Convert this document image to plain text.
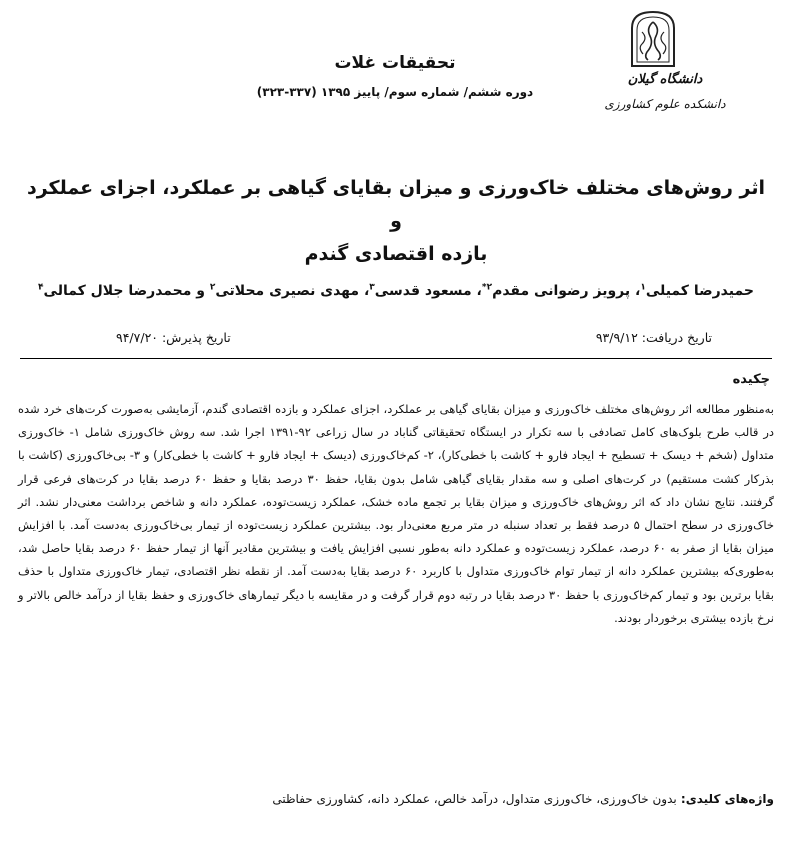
دانشگاه گیلان
دانشکده علوم کشاورزی
تحقیقات غلات
دوره ششم/ شماره سوم/ پاییز ۱۳۹۵ (۳۳۷-۳۲۳)
اثر روش‌های مختلف خاک‌ورزی و میزان بقایای گیاهی بر عملکرد، اجزای عملکرد و
بازده اقتصادی گندم
حمیدرضا کمیلی$^۱$، پرویز رضوانی مقدم$^{۲*}$، مسعود قدسی$^۳$، مهدی نصیری محلاتی$^۲$ و محمدرضا جلال کمالی$^۴$
تاریخ دریافت: ۹۳/۹/۱۲
تاریخ پذیرش: ۹۴/۷/۲۰
چکیده
به‌منظور مطالعه اثر روش‌های مختلف خاک‌ورزی و میزان بقایای گیاهی بر عملکرد، اجزای عملکرد و بازده اقتصادی گندم، آزمایشی به‌صورت کرت‌های خرد شده در قالب طرح بلوک‌های کامل تصادفی با سه تکرار در ایستگاه تحقیقاتی گناباد در سال زراعی ۹۲-۱۳۹۱ اجرا شد. سه روش خاک‌ورزی شامل ۱- خاک‌ورزی متداول (شخم + دیسک + تسطیح + ایجاد فارو + کاشت با خطی‌کار)، ۲- کم‌خاک‌ورزی (دیسک + ایجاد فارو + کاشت با خطی‌کار) و ۳- بی‌خاک‌ورزی (کاشت با بذرکار کشت مستقیم) در کرت‌های اصلی و سه مقدار بقایای گیاهی شامل بدون بقایا، حفظ ۳۰ درصد بقایا و حفظ ۶۰ درصد بقایا در کرت‌های فرعی قرار گرفتند. نتایج نشان داد که اثر روش‌های خاک‌ورزی و میزان بقایا بر تجمع ماده خشک، عملکرد زیست‌توده، عملکرد دانه و شاخص برداشت معنی‌دار نشد. اثر خاک‌ورزی در سطح احتمال ۵ درصد فقط بر تعداد سنبله در متر مربع معنی‌دار بود. بیشترین عملکرد زیست‌توده از تیمار بی‌خاک‌ورزی به‌دست آمد. با افزایش میزان بقایا از صفر به ۶۰ درصد، عملکرد زیست‌توده و عملکرد دانه به‌طور نسبی افزایش یافت و بیشترین مقادیر آنها از تیمار حفظ ۶۰ درصد بقایا حاصل شد، به‌طوری‌که بیشترین عملکرد دانه از تیمار توام خاک‌ورزی متداول با کاربرد ۶۰ درصد بقایا به‌دست آمد. از نقطه نظر اقتصادی، تیمار خاک‌ورزی متداول با حذف بقایا برترین بود و تیمار کم‌خاک‌ورزی با حفظ ۳۰ درصد بقایا در رتبه دوم قرار گرفت و در مقایسه با دیگر تیمارهای خاک‌ورزی و حفظ بقایا از درآمد خالص بالاتر و نرخ بازده بیشتری برخوردار بودند.
واژه‌های کلیدی: بدون خاک‌ورزی، خاک‌ورزی متداول، درآمد خالص، عملکرد دانه، کشاورزی حفاظتی
